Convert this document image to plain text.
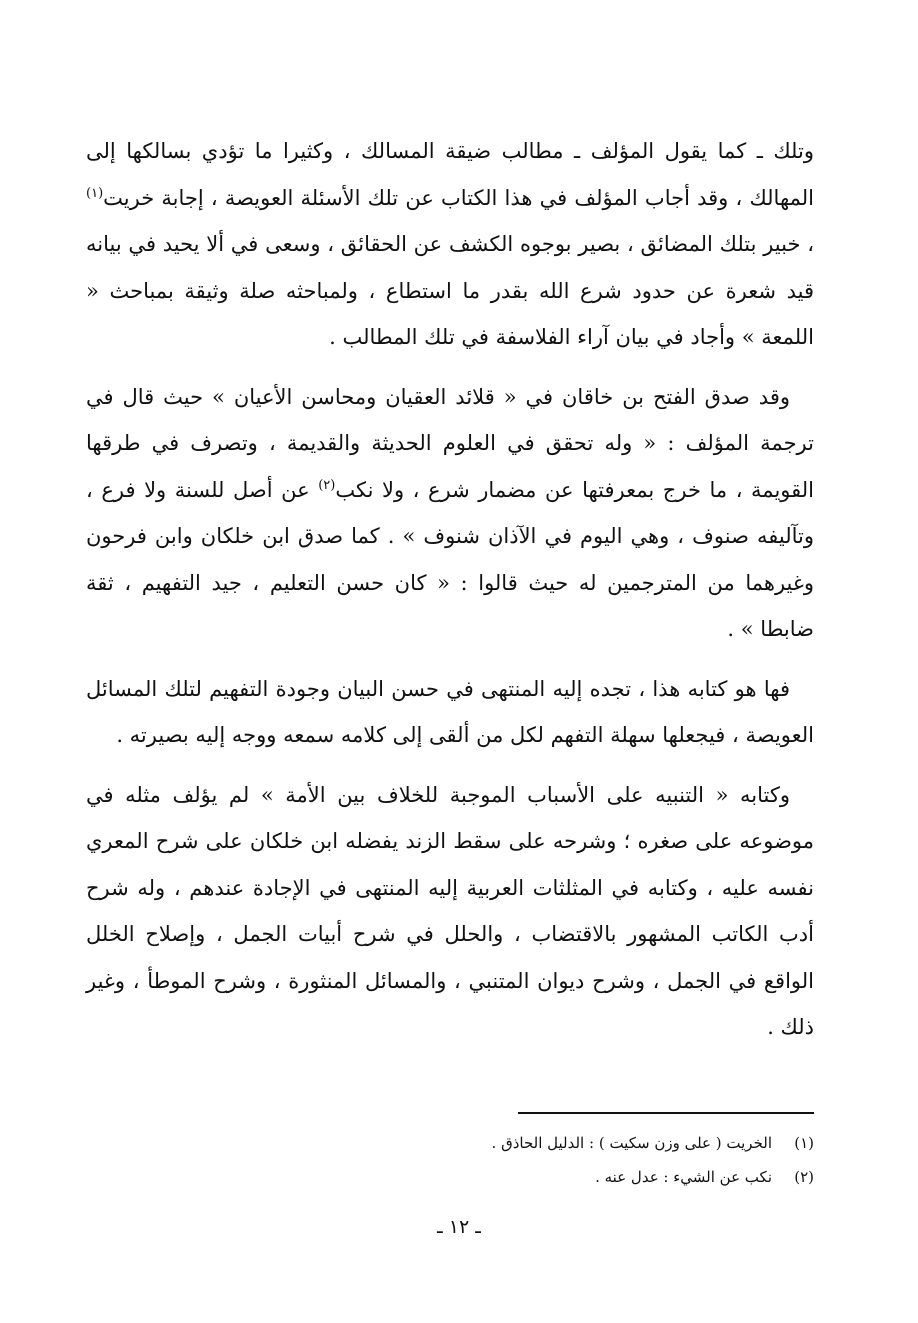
وتلك ـ كما يقول المؤلف ـ مطالب ضيقة المسالك ، وكثيرا ما تؤدي بسالكها إلى المهالك ، وقد أجاب المؤلف في هذا الكتاب عن تلك الأسئلة العويصة ، إجابة خريت$^{(١)}$ ، خبير بتلك المضائق ، بصير بوجوه الكشف عن الحقائق ، وسعى في ألا يحيد في بيانه قيد شعرة عن حدود شرع الله بقدر ما استطاع ، ولمباحثه صلة وثيقة بمباحث « اللمعة » وأجاد في بيان آراء الفلاسفة في تلك المطالب .

وقد صدق الفتح بن خاقان في « قلائد العقيان ومحاسن الأعيان » حيث قال في ترجمة المؤلف : « وله تحقق في العلوم الحديثة والقديمة ، وتصرف في طرقها القويمة ، ما خرج بمعرفتها عن مضمار شرع ، ولا نكب$^{(٢)}$ عن أصل للسنة ولا فرع ، وتآليفه صنوف ، وهي اليوم في الآذان شنوف » . كما صدق ابن خلكان وابن فرحون وغيرهما من المترجمين له حيث قالوا : « كان حسن التعليم ، جيد التفهيم ، ثقة ضابطا » .

فها هو كتابه هذا ، تجده إليه المنتهى في حسن البيان وجودة التفهيم لتلك المسائل العويصة ، فيجعلها سهلة التفهم لكل من ألقى إلى كلامه سمعه ووجه إليه بصيرته .

وكتابه « التنبيه على الأسباب الموجبة للخلاف بين الأمة » لم يؤلف مثله في موضوعه على صغره ؛ وشرحه على سقط الزند يفضله ابن خلكان على شرح المعري نفسه عليه ، وكتابه في المثلثات العربية إليه المنتهى في الإجادة عندهم ، وله شرح أدب الكاتب المشهور بالاقتضاب ، والحلل في شرح أبيات الجمل ، وإصلاح الخلل الواقع في الجمل ، وشرح ديوان المتنبي ، والمسائل المنثورة ، وشرح الموطأ ، وغير ذلك .

(١)
الخريت ( على وزن سكيت ) : الدليل الحاذق .
(٢)
نكب عن الشيء : عدل عنه .
ـ ١٢ ـ
